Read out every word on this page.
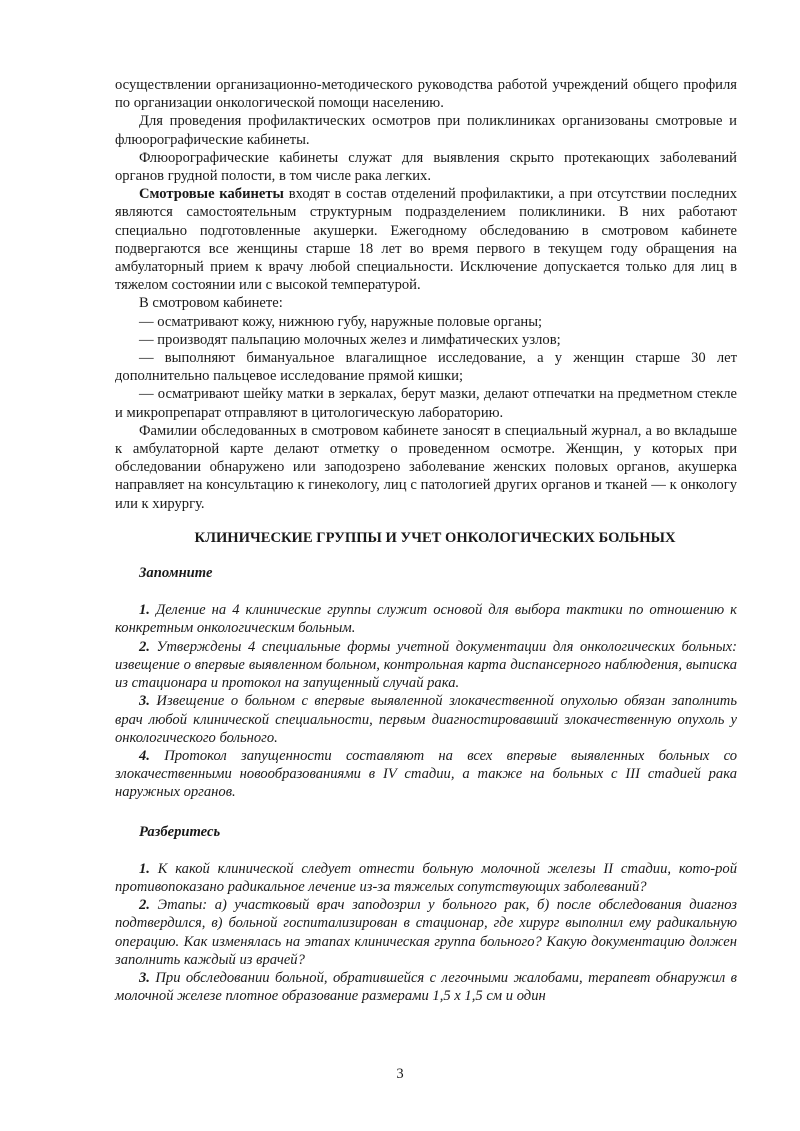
осуществлении организационно-методического руководства работой учреждений общего профиля по организации онкологической помощи населению.

Для проведения профилактических осмотров при поликлиниках организованы смотровые и флюорографические кабинеты.

Флюорографические кабинеты служат для выявления скрыто протекающих заболеваний органов грудной полости, в том числе рака легких.

Смотровые кабинеты входят в состав отделений профилактики, а при отсутствии последних являются самостоятельным структурным подразделением поликлиники. В них работают специально подготовленные акушерки. Ежегодному обследованию в смотровом кабинете подвергаются все женщины старше 18 лет во время первого в текущем году обращения на амбулаторный прием к врачу любой специальности. Исключение допускается только для лиц в тяжелом состоянии или с высокой температурой.

В смотровом кабинете:

— осматривают кожу, нижнюю губу, наружные половые органы;

— производят пальпацию молочных желез и лимфатических узлов;

— выполняют бимануальное влагалищное исследование, а у женщин старше 30 лет дополнительно пальцевое исследование прямой кишки;

— осматривают шейку матки в зеркалах, берут мазки, делают отпечатки на предметном стекле и микропрепарат отправляют в цитологическую лабораторию.

Фамилии обследованных в смотровом кабинете заносят в специальный журнал, а во вкладыше к амбулаторной карте делают отметку о проведенном осмотре. Женщин, у которых при обследовании обнаружено или заподозрено заболевание женских половых органов, акушерка направляет на консультацию к гинекологу, лиц с патологией других органов и тканей — к онкологу или к хирургу.

КЛИНИЧЕСКИЕ ГРУППЫ И УЧЕТ ОНКОЛОГИЧЕСКИХ БОЛЬНЫХ

Запомните

1. Деление на 4 клинические группы служит основой для выбора тактики по отношению к конкретным онкологическим больным.

2. Утверждены 4 специальные формы учетной документации для онкологических больных: извещение о впервые выявленном больном, контрольная карта диспансерного наблюдения, выписка из стационара и протокол на запущенный случай рака.

3. Извещение о больном с впервые выявленной злокачественной опухолью обязан заполнить врач любой клинической специальности, первым диагностировавший злокачественную опухоль у онкологического больного.

4. Протокол запущенности составляют на всех впервые выявленных больных со злокачественными новообразованиями в IV стадии, а также на больных с III стадией рака наружных органов.

Разберитесь

1. К какой клинической следует отнести больную молочной железы II стадии, кото-рой противопоказано радикальное лечение из-за тяжелых сопутствующих заболеваний?

2. Этапы: а) участковый врач заподозрил у больного рак, б) после обследования диагноз подтвердился, в) больной госпитализирован в стационар, где хирург выполнил ему радикальную операцию. Как изменялась на этапах клиническая группа больного? Какую документацию должен заполнить каждый из врачей?

3. При обследовании больной, обратившейся с легочными жалобами, терапевт обнаружил в молочной железе плотное образование размерами 1,5 х 1,5 см и один

3
